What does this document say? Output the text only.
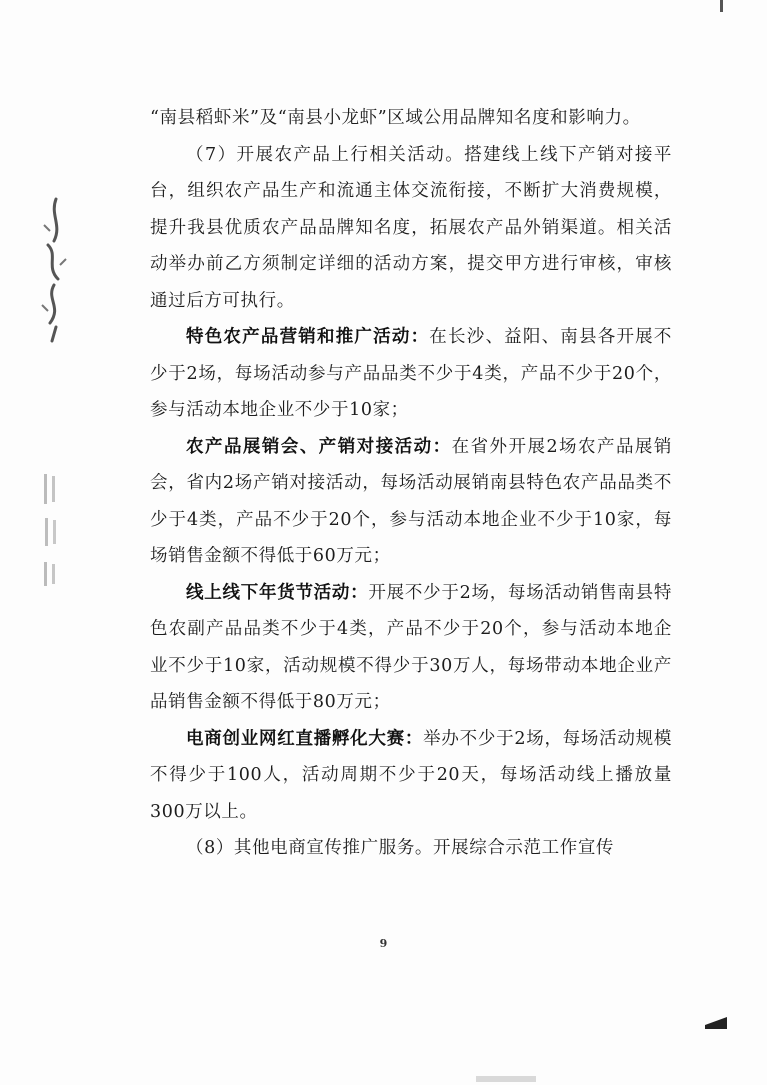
“南县稻虾米”及“南县小龙虾”区域公用品牌知名度和影响力。

（7）开展农产品上行相关活动。搭建线上线下产销对接平台，组织农产品生产和流通主体交流衔接，不断扩大消费规模，提升我县优质农产品品牌知名度，拓展农产品外销渠道。相关活动举办前乙方须制定详细的活动方案，提交甲方进行审核，审核通过后方可执行。

特色农产品营销和推广活动：在长沙、益阳、南县各开展不少于2场，每场活动参与产品品类不少于4类，产品不少于20个，参与活动本地企业不少于10家；

农产品展销会、产销对接活动：在省外开展2场农产品展销会，省内2场产销对接活动，每场活动展销南县特色农产品品类不少于4类，产品不少于20个，参与活动本地企业不少于10家，每场销售金额不得低于60万元；

线上线下年货节活动：开展不少于2场，每场活动销售南县特色农副产品品类不少于4类，产品不少于20个，参与活动本地企业不少于10家，活动规模不得少于30万人，每场带动本地企业产品销售金额不得低于80万元；

电商创业网红直播孵化大赛：举办不少于2场，每场活动规模不得少于100人，活动周期不少于20天，每场活动线上播放量300万以上。

（8）其他电商宣传推广服务。开展综合示范工作宣传

9
